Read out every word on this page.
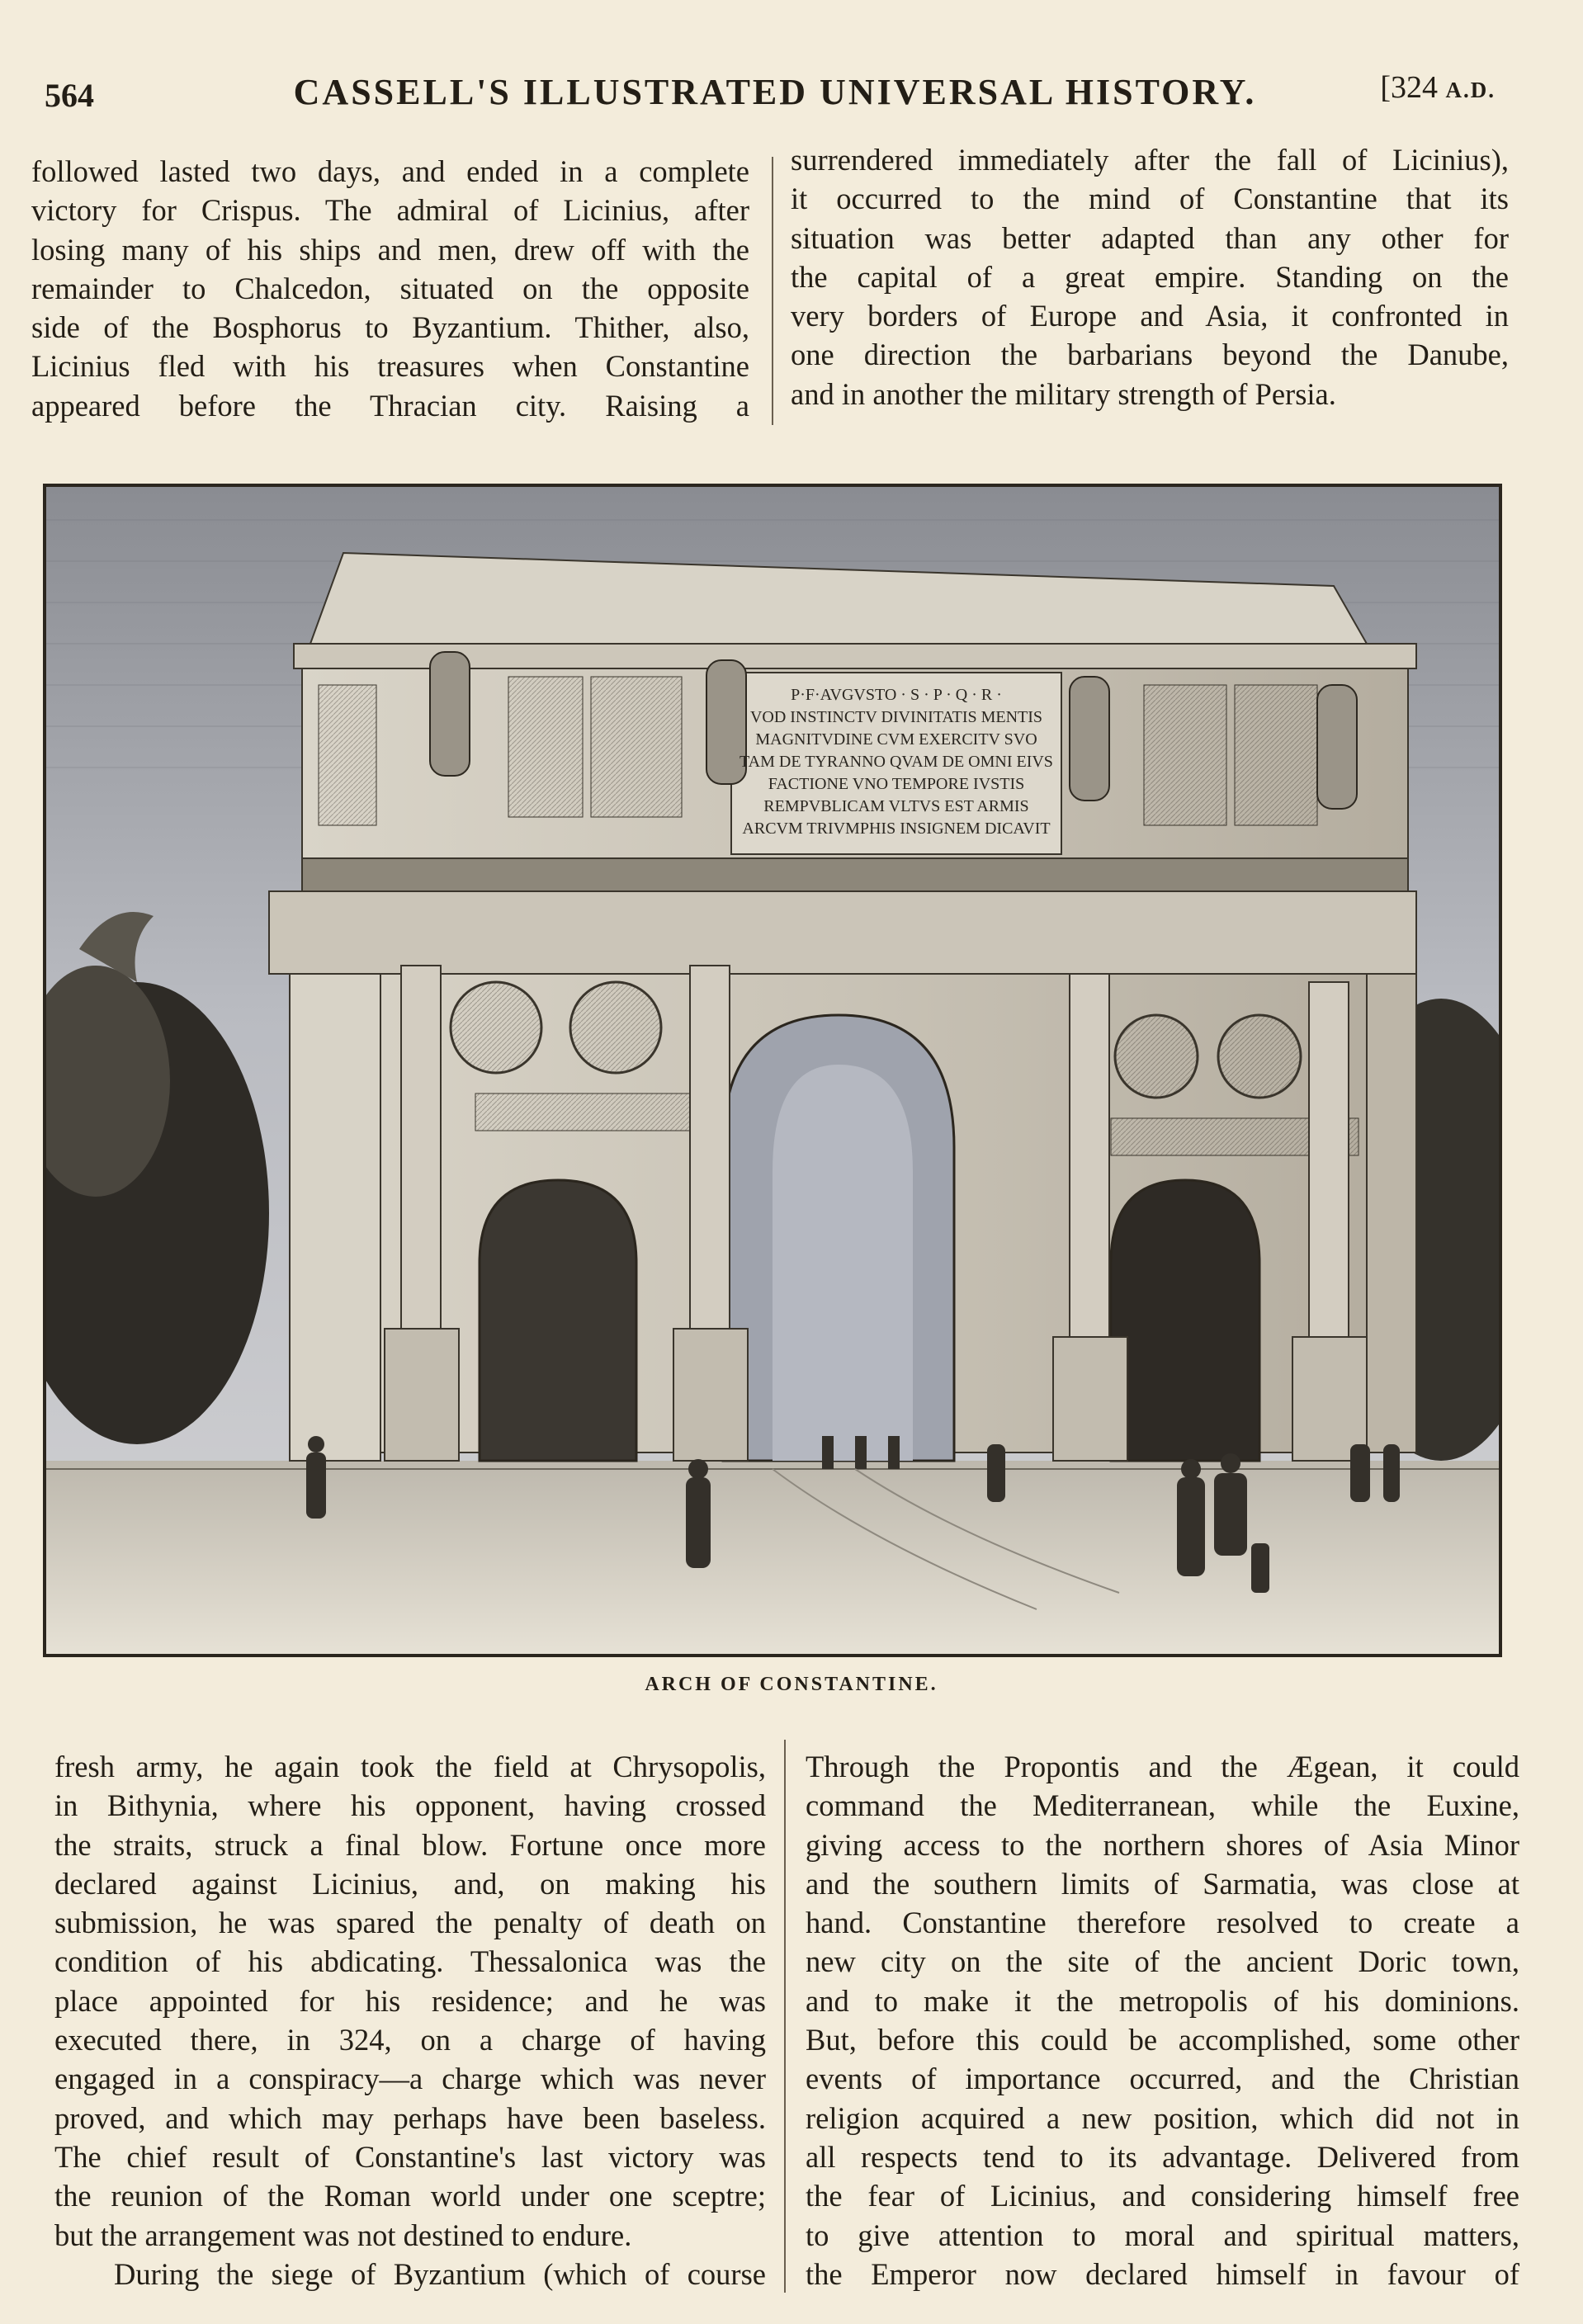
564	CASSELL'S ILLUSTRATED UNIVERSAL HISTORY.	[324 A.D.

followed lasted two days, and ended in a complete

victory for Crispus. The admiral of Licinius, after

losing many of his ships and men, drew off with the

remainder to Chalcedon, situated on the opposite

side of the Bosphorus to Byzantium. Thither, also,

Licinius fled with his treasures when Constantine

appeared before the Thracian city. Raising a

surrendered immediately after the fall of Licinius),

it occurred to the mind of Constantine that its

situation was better adapted than any other for

the capital of a great empire. Standing on the

very borders of Europe and Asia, it confronted in

one direction the barbarians beyond the Danube,

and in another the military strength of Persia.

P·F·AVGVSTO · S · P · Q · R ·
VOD INSTINCTV DIVINITATIS MENTIS
MAGNITVDINE CVM EXERCITV SVO
TAM DE TYRANNO QVAM DE OMNI EIVS
FACTIONE VNO TEMPORE IVSTIS
REMPVBLICAM VLTVS EST ARMIS
ARCVM TRIVMPHIS INSIGNEM DICAVIT
ARCH OF CONSTANTINE.

fresh army, he again took the field at Chrysopolis,

in Bithynia, where his opponent, having crossed

the straits, struck a final blow. Fortune once more

declared against Licinius, and, on making his

submission, he was spared the penalty of death on

condition of his abdicating. Thessalonica was the

place appointed for his residence; and he was

executed there, in 324, on a charge of having

engaged in a conspiracy—a charge which was never

proved, and which may perhaps have been baseless.

The chief result of Constantine's last victory was

the reunion of the Roman world under one sceptre;

but the arrangement was not destined to endure.

During the siege of Byzantium (which of course

Through the Propontis and the Ægean, it could

command the Mediterranean, while the Euxine,

giving access to the northern shores of Asia Minor

and the southern limits of Sarmatia, was close at

hand. Constantine therefore resolved to create a

new city on the site of the ancient Doric town,

and to make it the metropolis of his dominions.

But, before this could be accomplished, some other

events of importance occurred, and the Christian

religion acquired a new position, which did not in

all respects tend to its advantage. Delivered from

the fear of Licinius, and considering himself free

to give attention to moral and spiritual matters,

the Emperor now declared himself in favour of
